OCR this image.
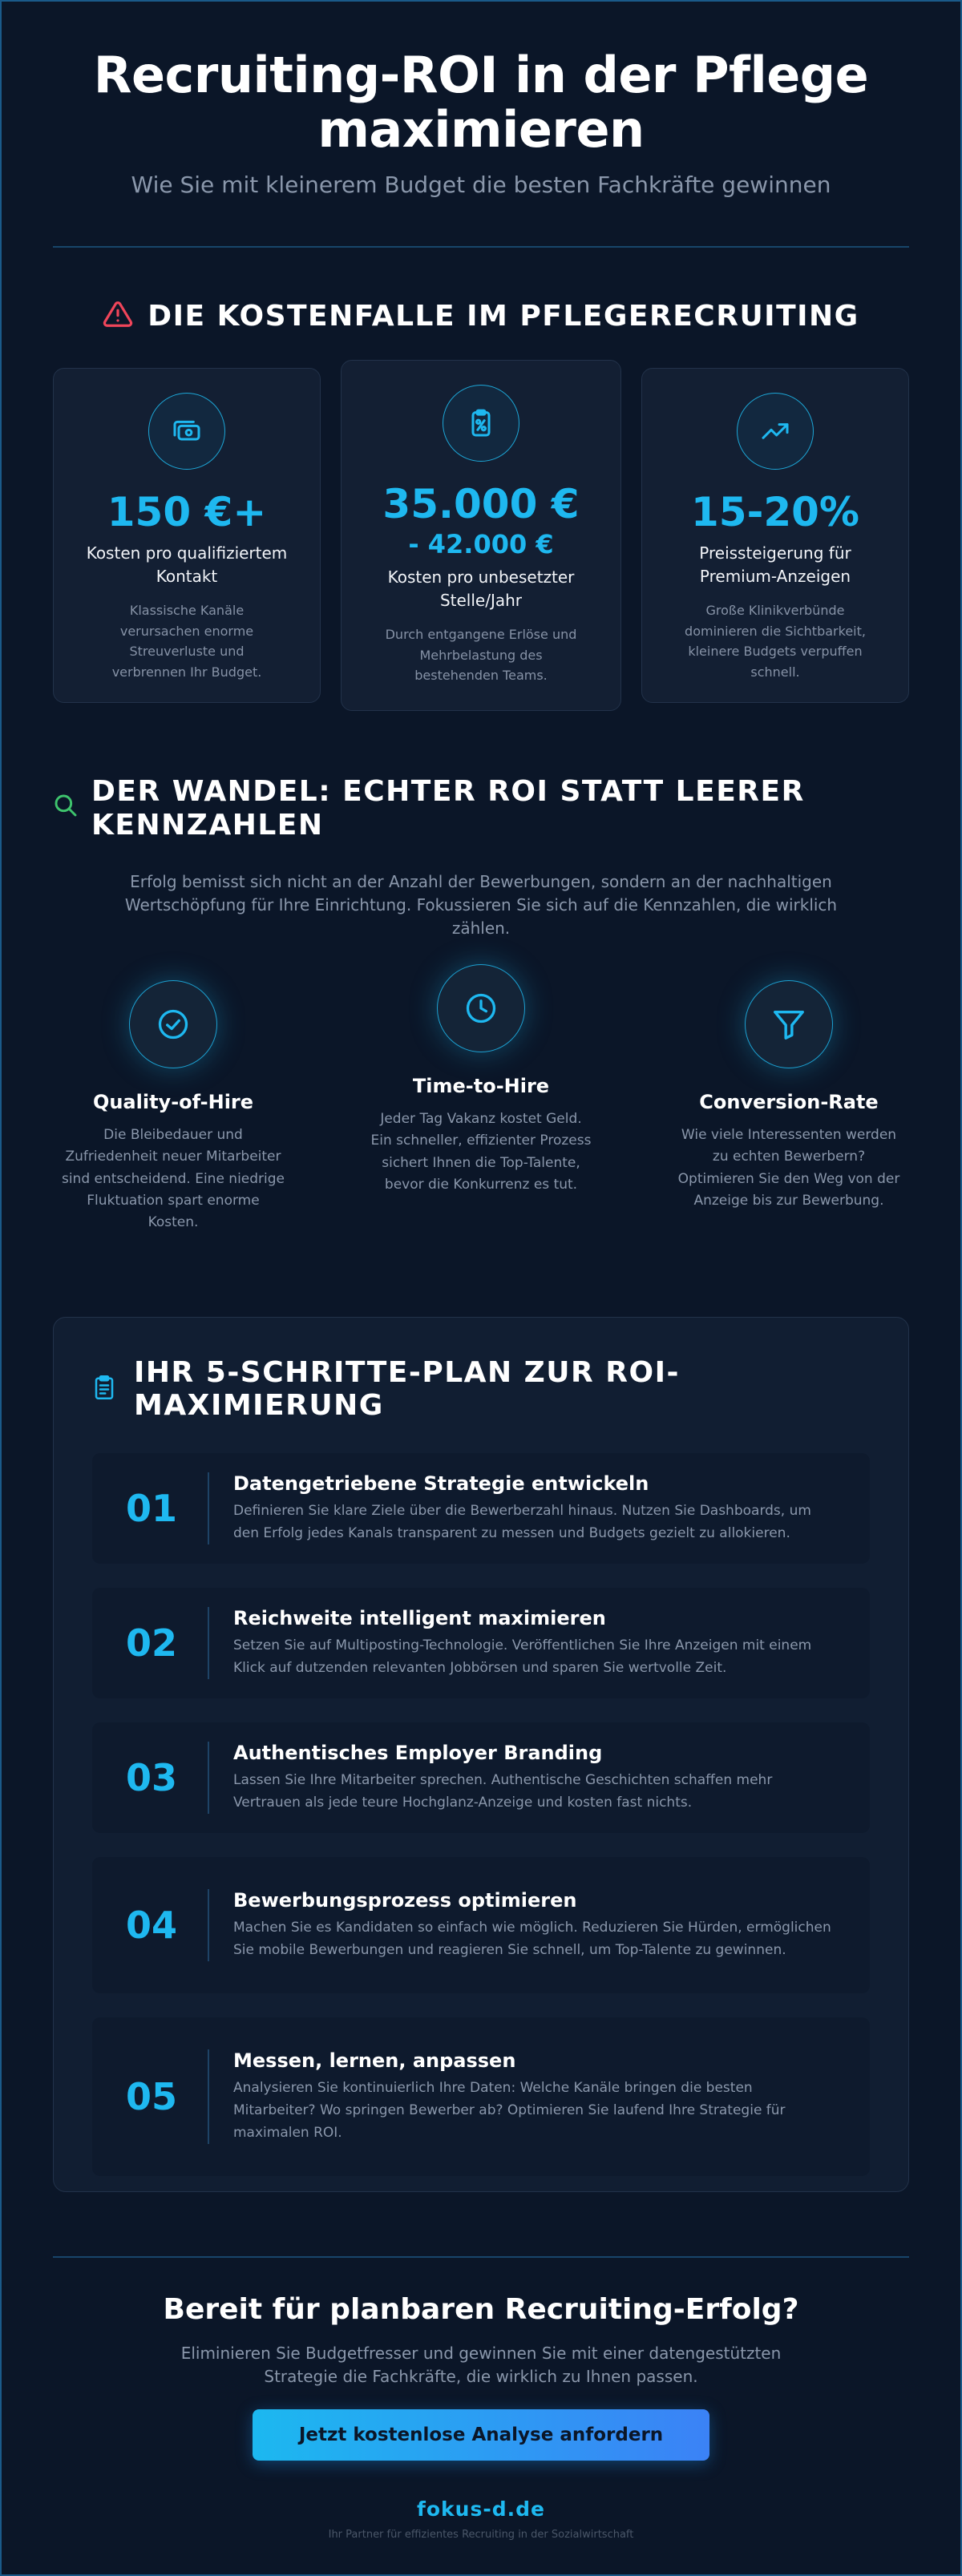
Recruiting-ROI in der Pflege maximieren
Wie Sie mit kleinerem Budget die besten Fachkräfte gewinnen
DIE KOSTENFALLE IM PFLEGERECRUITING
150 €+
Kosten pro qualifiziertem Kontakt
Klassische Kanäle verursachen enorme Streuverluste und verbrennen Ihr Budget.
35.000 €
- 42.000 €
Kosten pro unbesetzter Stelle/Jahr
Durch entgangene Erlöse und Mehrbelastung des bestehenden Teams.
15-20%
Preissteigerung für Premium-Anzeigen
Große Klinikverbünde dominieren die Sichtbarkeit, kleinere Budgets verpuffen schnell.
DER WANDEL: ECHTER ROI STATT LEERER KENNZAHLEN

Erfolg bemisst sich nicht an der Anzahl der Bewerbungen, sondern an der nachhaltigen Wertschöpfung für Ihre Einrichtung. Fokussieren Sie sich auf die Kennzahlen, die wirklich zählen.

Quality-of-Hire

Die Bleibedauer und Zufriedenheit neuer Mitarbeiter sind entscheidend. Eine niedrige Fluktuation spart enorme Kosten.

Time-to-Hire

Jeder Tag Vakanz kostet Geld. Ein schneller, effizienter Prozess sichert Ihnen die Top-Talente, bevor die Konkurrenz es tut.

Conversion-Rate

Wie viele Interessenten werden zu echten Bewerbern? Optimieren Sie den Weg von der Anzeige bis zur Bewerbung.

IHR 5-SCHRITTE-PLAN ZUR ROI-MAXIMIERUNG
01
Datengetriebene Strategie entwickeln

Definieren Sie klare Ziele über die Bewerberzahl hinaus. Nutzen Sie Dashboards, um den Erfolg jedes Kanals transparent zu messen und Budgets gezielt zu allokieren.

02
Reichweite intelligent maximieren

Setzen Sie auf Multiposting-Technologie. Veröffentlichen Sie Ihre Anzeigen mit einem Klick auf dutzenden relevanten Jobbörsen und sparen Sie wertvolle Zeit.

03
Authentisches Employer Branding

Lassen Sie Ihre Mitarbeiter sprechen. Authentische Geschichten schaffen mehr Vertrauen als jede teure Hochglanz-Anzeige und kosten fast nichts.

04
Bewerbungsprozess optimieren

Machen Sie es Kandidaten so einfach wie möglich. Reduzieren Sie Hürden, ermöglichen Sie mobile Bewerbungen und reagieren Sie schnell, um Top-Talente zu gewinnen.

05
Messen, lernen, anpassen

Analysieren Sie kontinuierlich Ihre Daten: Welche Kanäle bringen die besten Mitarbeiter? Wo springen Bewerber ab? Optimieren Sie laufend Ihre Strategie für maximalen ROI.

Bereit für planbaren Recruiting-Erfolg?

Eliminieren Sie Budgetfresser und gewinnen Sie mit einer datengestützten Strategie die Fachkräfte, die wirklich zu Ihnen passen.

Jetzt kostenlose Analyse anfordern
fokus-d.de
Ihr Partner für effizientes Recruiting in der Sozialwirtschaft
